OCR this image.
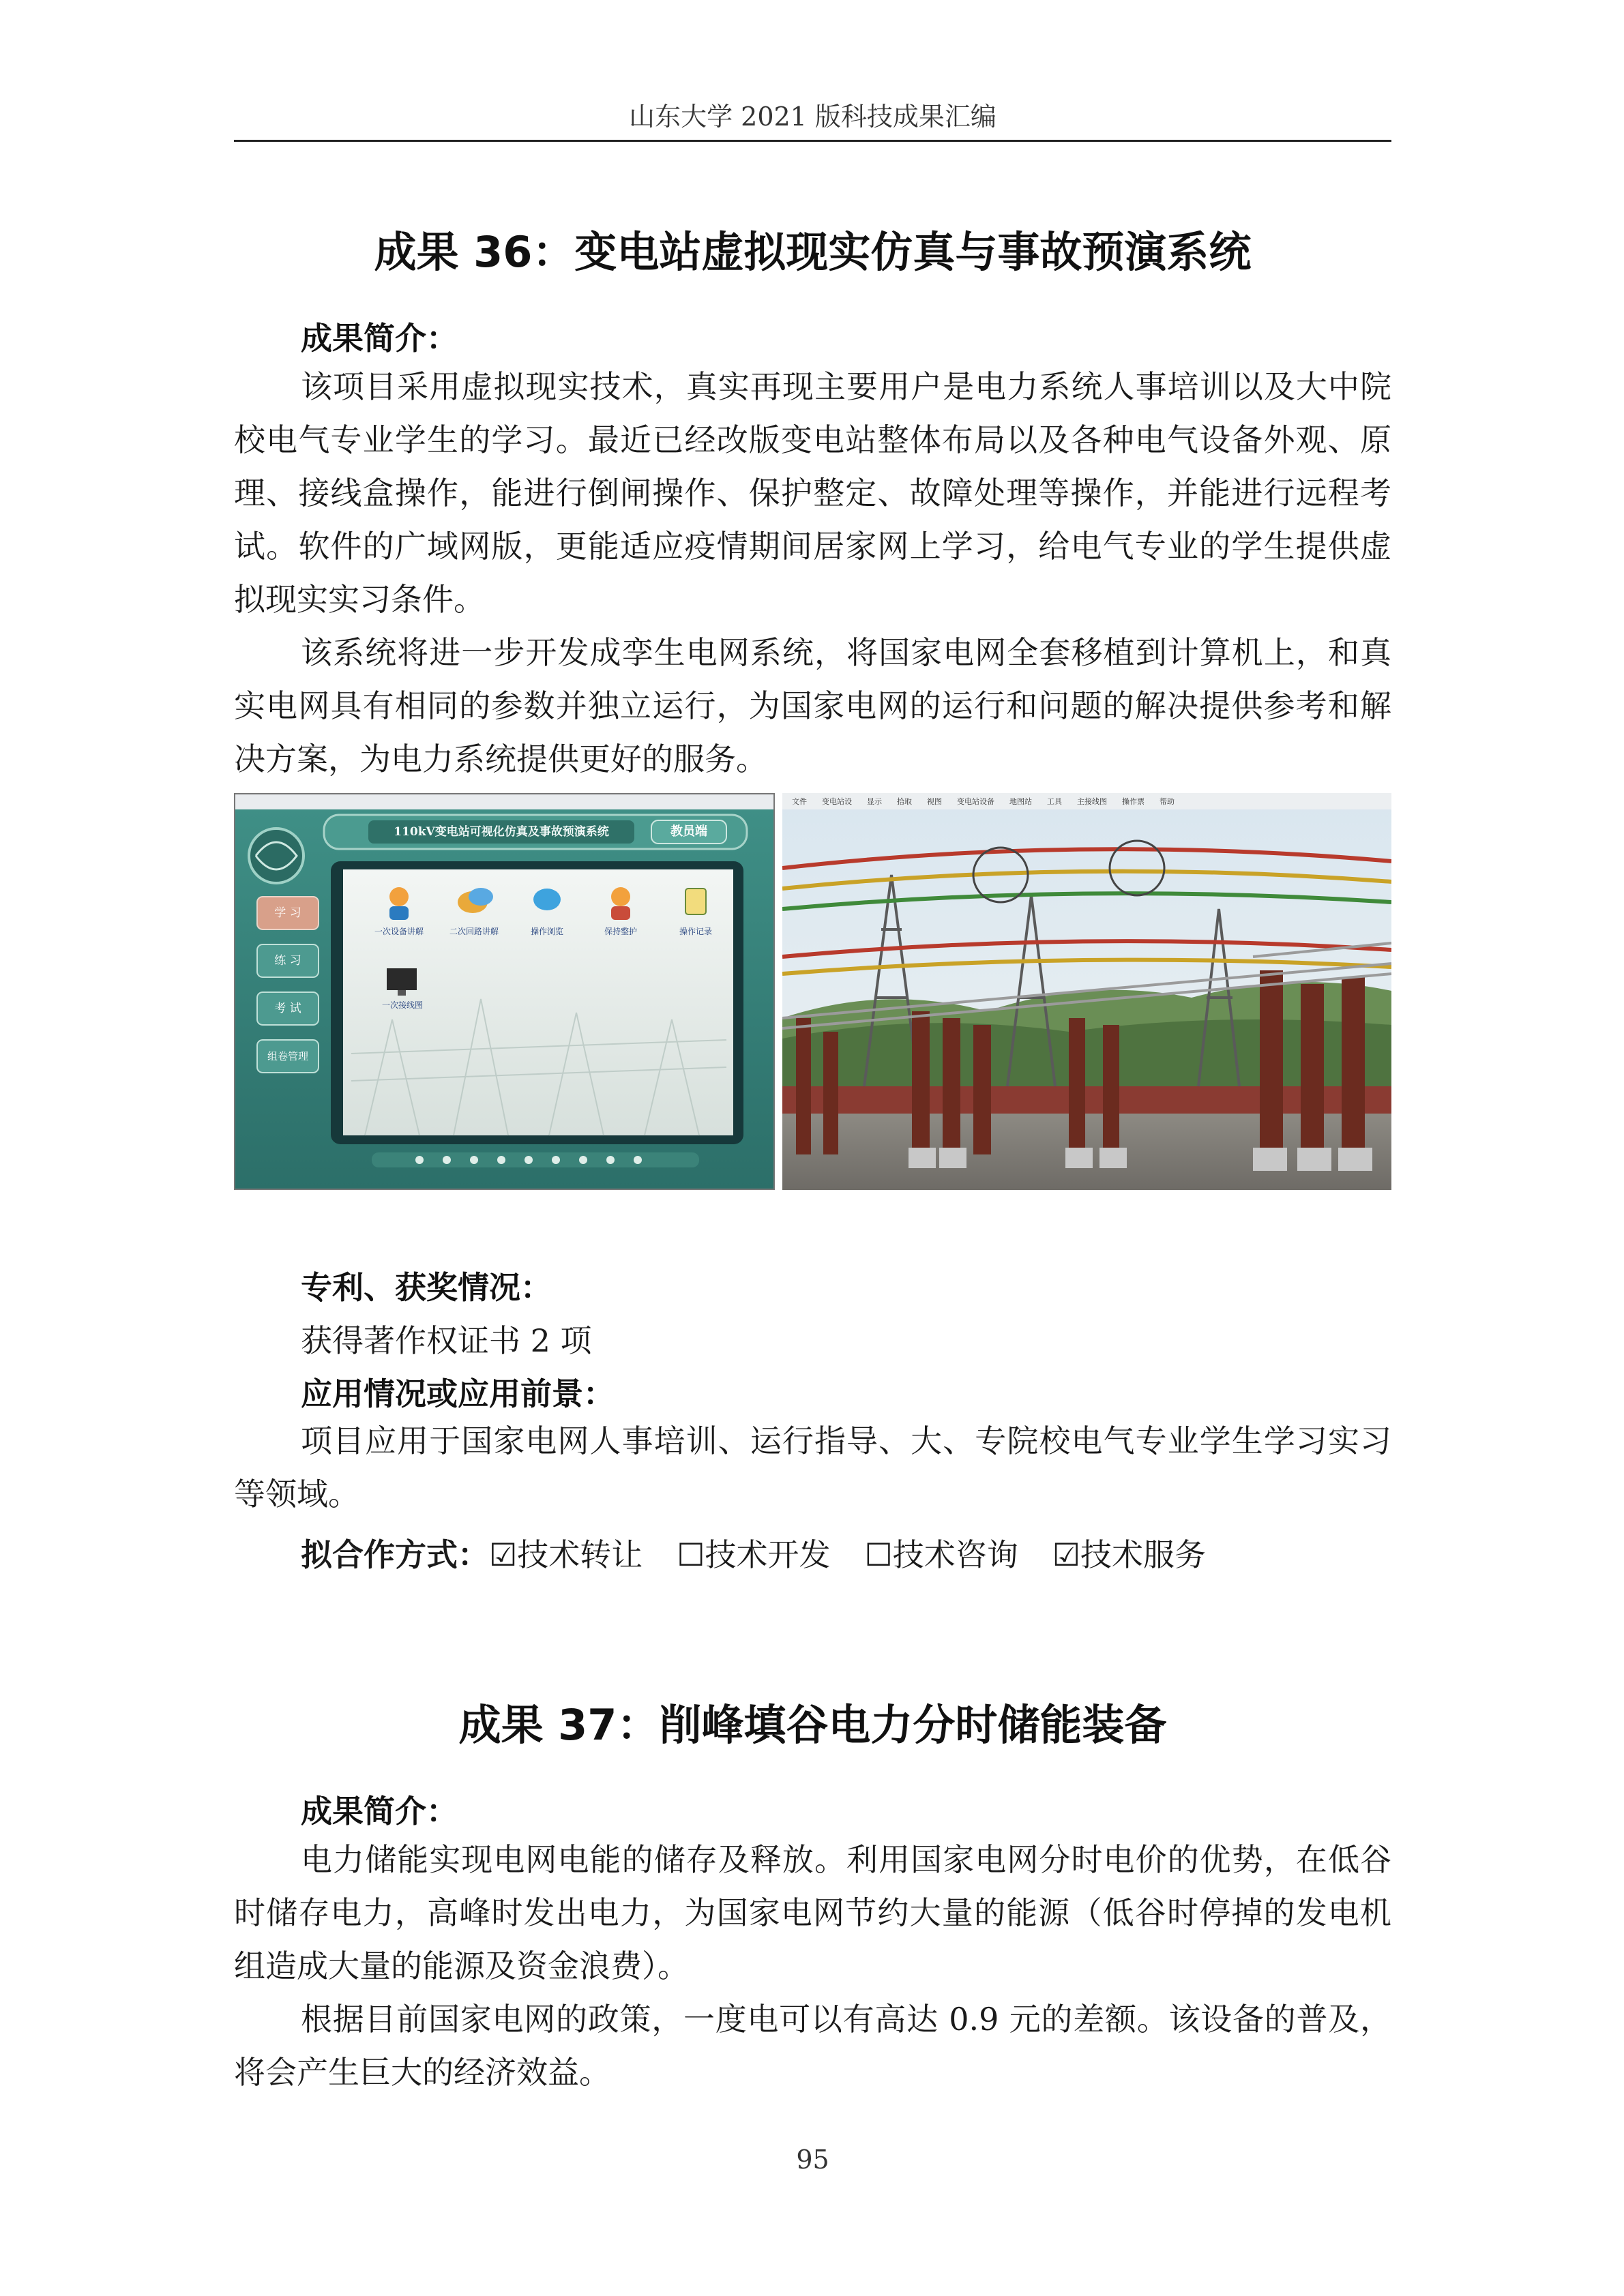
山东大学 2021 版科技成果汇编
成果 36：变电站虚拟现实仿真与事故预演系统
成果简介：
该项目采用虚拟现实技术，真实再现主要用户是电力系统人事培训以及大中院校电气专业学生的学习。最近已经改版变电站整体布局以及各种电气设备外观、原理、接线盒操作，能进行倒闸操作、保护整定、故障处理等操作，并能进行远程考试。软件的广域网版，更能适应疫情期间居家网上学习，给电气专业的学生提供虚拟现实实习条件。
该系统将进一步开发成孪生电网系统，将国家电网全套移植到计算机上，和真实电网具有相同的参数并独立运行，为国家电网的运行和问题的解决提供参考和解决方案，为电力系统提供更好的服务。
110kV变电站可视化仿真及事故预演系统	教员端
学 习
练 习
考 试
组卷管理
一次设备讲解	二次回路讲解	操作浏览	保持整护	操作记录
一次接线图
文件 变电站设 显示 拾取 视图 变电站设备 地图站 工具 主接线图 操作票 帮助
专利、获奖情况：
获得著作权证书 2 项
应用情况或应用前景：
项目应用于国家电网人事培训、运行指导、大、专院校电气专业学生学习实习等领域。
拟合作方式： ☑技术转让 ☐技术开发 ☐技术咨询 ☑技术服务
成果 37：削峰填谷电力分时储能装备
成果简介：
电力储能实现电网电能的储存及释放。利用国家电网分时电价的优势，在低谷时储存电力，高峰时发出电力，为国家电网节约大量的能源（低谷时停掉的发电机组造成大量的能源及资金浪费）。
根据目前国家电网的政策，一度电可以有高达 0.9 元的差额。该设备的普及，将会产生巨大的经济效益。
95
